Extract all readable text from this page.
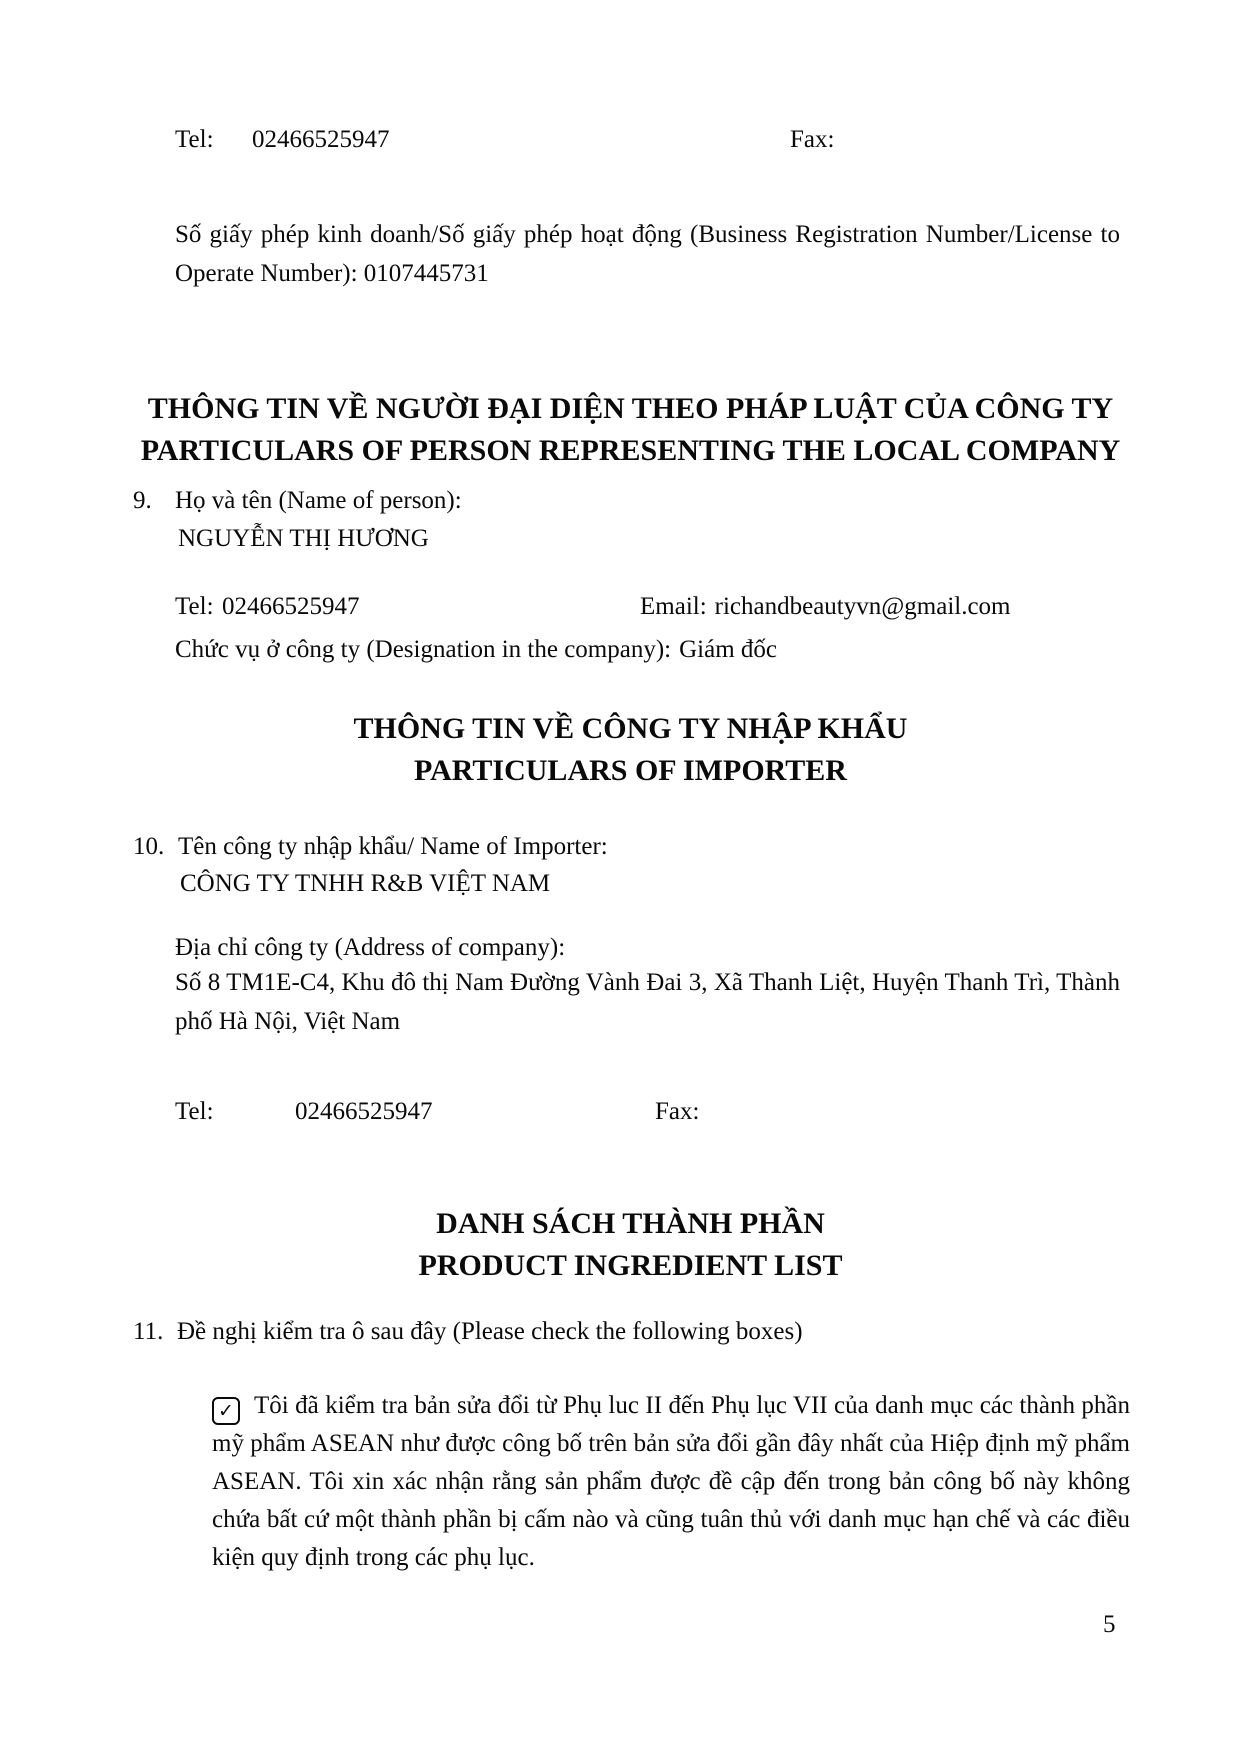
Tel: 02466525947	Fax:
Số giấy phép kinh doanh/Số giấy phép hoạt động (Business Registration Number/License to Operate Number): 0107445731
THÔNG TIN VỀ NGƯỜI ĐẠI DIỆN THEO PHÁP LUẬT CỦA CÔNG TY
PARTICULARS OF PERSON REPRESENTING THE LOCAL COMPANY
9. Họ và tên (Name of person):
NGUYỄN THỊ HƯƠNG
Tel: 02466525947	Email: richandbeautyvn@gmail.com
Chức vụ ở công ty (Designation in the company): Giám đốc
THÔNG TIN VỀ CÔNG TY NHẬP KHẨU
PARTICULARS OF IMPORTER
10. Tên công ty nhập khẩu/ Name of Importer:
CÔNG TY TNHH R&B VIỆT NAM
Địa chỉ công ty (Address of company):
Số 8 TM1E-C4, Khu đô thị Nam Đường Vành Đai 3, Xã Thanh Liệt, Huyện Thanh Trì, Thành phố Hà Nội, Việt Nam
Tel:	02466525947	Fax:
DANH SÁCH THÀNH PHẦN
PRODUCT INGREDIENT LIST
11. Đề nghị kiểm tra ô sau đây (Please check the following boxes)
✓ Tôi đã kiểm tra bản sửa đổi từ Phụ luc II đến Phụ lục VII của danh mục các thành phần mỹ phẩm ASEAN như được công bố trên bản sửa đổi gần đây nhất của Hiệp định mỹ phẩm ASEAN. Tôi xin xác nhận rằng sản phẩm được đề cập đến trong bản công bố này không chứa bất cứ một thành phần bị cấm nào và cũng tuân thủ với danh mục hạn chế và các điều kiện quy định trong các phụ lục.
5
